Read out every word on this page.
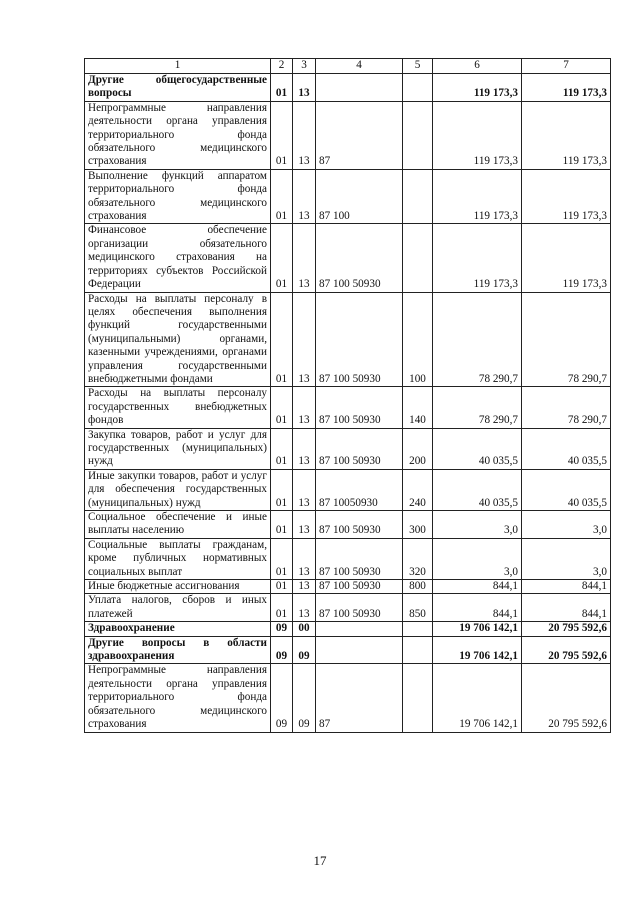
1	2	3	4	5	6	7
Другие общегосударственные вопросы	01	13			119 173,3	119 173,3
Непрограммные направления деятельности органа управления территориального фонда обязательного медицинского страхования	01	13	87		119 173,3	119 173,3
Выполнение функций аппаратом территориального фонда обязательного медицинского страхования	01	13	87 100		119 173,3	119 173,3
Финансовое обеспечение организации обязательного медицинского страхования на территориях субъектов Российской Федерации	01	13	87 100 50930		119 173,3	119 173,3
Расходы на выплаты персоналу в целях обеспечения выполнения функций государственными (муниципальными) органами, казенными учреждениями, органами управления государственными внебюджетными фондами	01	13	87 100 50930	100	78 290,7	78 290,7
Расходы на выплаты персоналу государственных внебюджетных фондов	01	13	87 100 50930	140	78 290,7	78 290,7
Закупка товаров, работ и услуг для государственных (муниципальных) нужд	01	13	87 100 50930	200	40 035,5	40 035,5
Иные закупки товаров, работ и услуг для обеспечения государственных (муниципальных) нужд	01	13	87 10050930	240	40 035,5	40 035,5
Социальное обеспечение и иные выплаты населению	01	13	87 100 50930	300	3,0	3,0
Социальные выплаты гражданам, кроме публичных нормативных социальных выплат	01	13	87 100 50930	320	3,0	3,0
Иные бюджетные ассигнования	01	13	87 100 50930	800	844,1	844,1
Уплата налогов, сборов и иных платежей	01	13	87 100 50930	850	844,1	844,1
Здравоохранение	09	00			19 706 142,1	20 795 592,6
Другие вопросы в области здравоохранения	09	09			19 706 142,1	20 795 592,6
Непрограммные направления деятельности органа управления территориального фонда обязательного медицинского страхования	09	09	87		19 706 142,1	20 795 592,6
17
